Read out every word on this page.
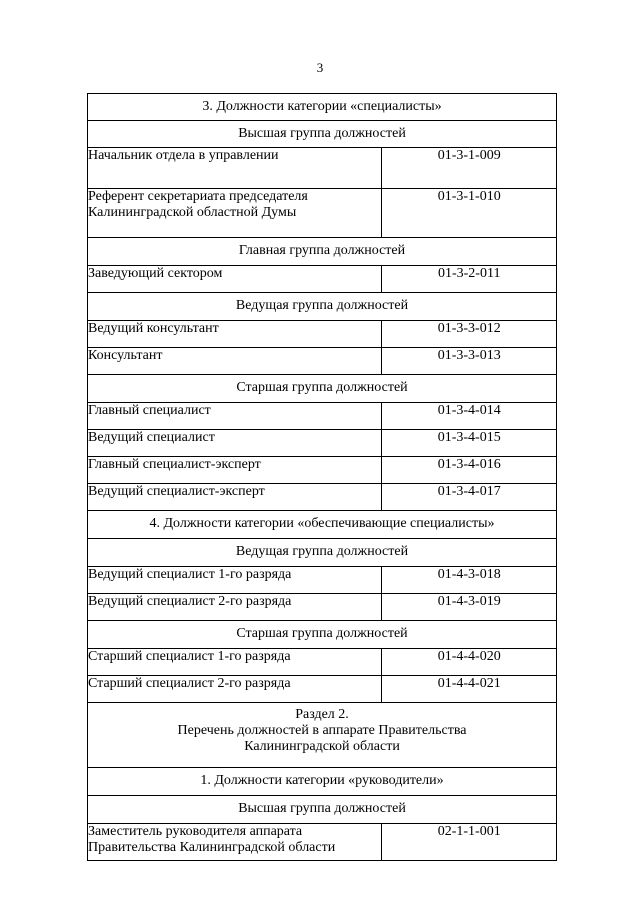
3
3. Должности категории «специалисты»	

Высшая группа должностей	

Начальник отдела в управлении	01-3-1-009

Референт секретариата председателя
Калининградской областной Думы	01-3-1-010

Главная группа должностей	

Заведующий сектором	01-3-2-011

Ведущая группа должностей	

Ведущий консультант	01-3-3-012

Консультант	01-3-3-013

Старшая группа должностей	

Главный специалист	01-3-4-014

Ведущий специалист	01-3-4-015

Главный специалист-эксперт	01-3-4-016

Ведущий специалист-эксперт	01-3-4-017

4. Должности категории «обеспечивающие специалисты»	

Ведущая группа должностей	

Ведущий специалист 1-го разряда	01-4-3-018

Ведущий специалист 2-го разряда	01-4-3-019

Старшая группа должностей	

Старший специалист 1-го разряда	01-4-4-020

Старший специалист 2-го разряда	01-4-4-021

Раздел 2.
Перечень должностей в аппарате Правительства
Калининградской области	

1. Должности категории «руководители»	

Высшая группа должностей	

Заместитель руководителя аппарата
Правительства Калининградской области	02-1-1-001
